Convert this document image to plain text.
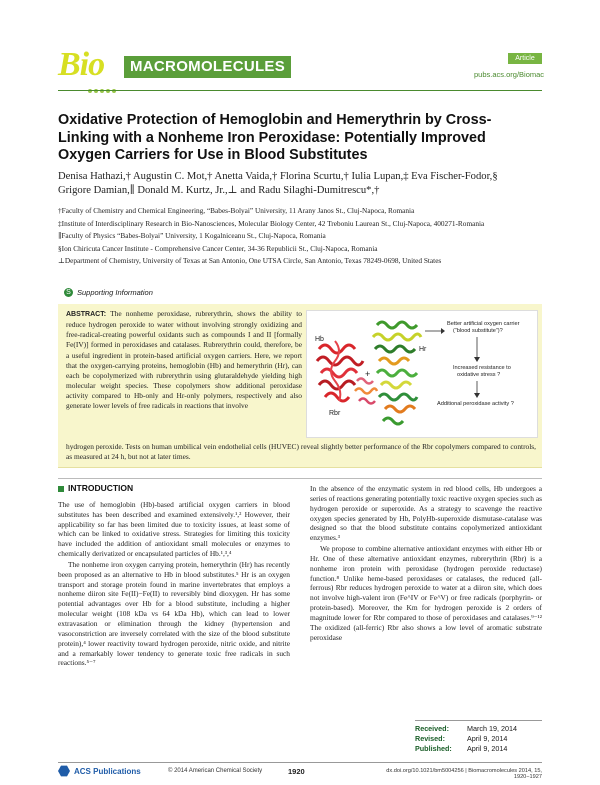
Bio	MACROMOLECULES	Article
pubs.acs.org/Biomac
Oxidative Protection of Hemoglobin and Hemerythrin by Cross-Linking with a Nonheme Iron Peroxidase: Potentially Improved Oxygen Carriers for Use in Blood Substitutes
Denisa Hathazi,† Augustin C. Mot,† Anetta Vaida,† Florina Scurtu,† Iulia Lupan,‡ Eva Fischer-Fodor,§
Grigore Damian,∥ Donald M. Kurtz, Jr.,⊥ and Radu Silaghi-Dumitrescu*,†

†Faculty of Chemistry and Chemical Engineering, “Babes-Bolyai” University, 11 Arany Janos St., Cluj-Napoca, Romania

‡Institute of Interdisciplinary Research in Bio-Nanosciences, Molecular Biology Center, 42 Treboniu Laurean St., Cluj-Napoca, 400271-Romania

∥Faculty of Physics “Babes-Bolyai” University, 1 Kogalniceanu St., Cluj-Napoca, Romania

§Ion Chiricuta Cancer Institute - Comprehensive Cancer Center, 34-36 Republicii St., Cluj-Napoca, Romania

⊥Department of Chemistry, University of Texas at San Antonio, One UTSA Circle, San Antonio, Texas 78249-0698, United States

S Supporting Information
ABSTRACT: The nonheme peroxidase, rubrerythrin, shows the ability to reduce hydrogen peroxide to water without involving strongly oxidizing and free-radical-creating powerful oxidants such as compounds I and II [formally Fe(IV)] formed in peroxidases and catalases. Rubrerythrin could, therefore, be a useful ingredient in protein-based artificial oxygen carriers. Here, we report that the oxygen-carrying proteins, hemoglobin (Hb) and hemerythrin (Hr), can each be copolymerized with rubrerythrin using glutaraldehyde yielding high molecular weight species. These copolymers show additional peroxidase activity compared to Hb-only and Hr-only polymers, respectively and also generate lower levels of free radicals in reactions that involve
hydrogen peroxide. Tests on human umbilical vein endothelial cells (HUVEC) reveal slightly better performance of the Rbr copolymers compared to controls, as measured at 24 h, but not at later times.
Hb
Rbr
Hr
+
Better artificial oxygen carrier
(“blood substitute”)?
Increased resistance to
oxidative stress ?
Additional peroxidase activity ?
INTRODUCTION

The use of hemoglobin (Hb)-based artificial oxygen carriers in blood substitutes has been described and examined extensively.¹,² However, their applicability so far has been limited due to toxicity issues, at least some of which can be linked to oxidative stress. Strategies for limiting this toxicity have included the addition of antioxidant small molecules or enzymes to chemically derivatized or encapsulated particles of Hb.¹,³,⁴

The nonheme iron oxygen carrying protein, hemerythrin (Hr) has recently been proposed as an alternative to Hb in blood substitutes.⁵ Hr is an oxygen transport and storage protein found in marine invertebrates that employs a nonheme diiron site Fe(II)−Fe(II) to reversibly bind dioxygen. Hr has some potential advantages over Hb for a blood substitute, including a higher molecular weight (108 kDa vs 64 kDa Hb), which can lead to lower extravasation or elimination through the kidney (hypertension and vasoconstriction are inversely correlated with the size of the blood substitute protein),⁴ lower reactivity toward hydrogen peroxide, nitric oxide, and nitrite and a remarkably lower tendency to generate toxic free radicals in such reactions.⁵⁻⁷

In the absence of the enzymatic system in red blood cells, Hb undergoes a series of reactions generating potentially toxic reactive oxygen species such as hydrogen peroxide or superoxide. As a strategy to scavenge the reactive oxygen species generated by Hb, PolyHb-superoxide dismutase-catalase was designed so that the blood substitute contains copolymerized antioxidant enzymes.³

We propose to combine alternative antioxidant enzymes with either Hb or Hr. One of these alternative antioxidant enzymes, rubrerythrin (Rbr) is a nonheme iron protein with peroxidase (hydrogen peroxide reductase) function.⁸ Unlike heme-based peroxidases or catalases, the reduced (all-ferrous) Rbr reduces hydrogen peroxide to water at a diiron site, which does not involve high-valent iron (Fe^IV or Fe^V) or free radicals (porphyrin- or protein-based). Moreover, the Km for hydrogen peroxide is 2 orders of magnitude lower for Rbr compared to those of peroxidases and catalases.⁹⁻¹² The oxidized (all-ferric) Rbr also shows a low level of aromatic substrate peroxidase

Received:	March 19, 2014
Revised:	April 9, 2014
Published: April 9, 2014
ACS Publications	© 2014 American Chemical Society	1920	dx.doi.org/10.1021/bm5004256 | Biomacromolecules 2014, 15, 1920−1927
